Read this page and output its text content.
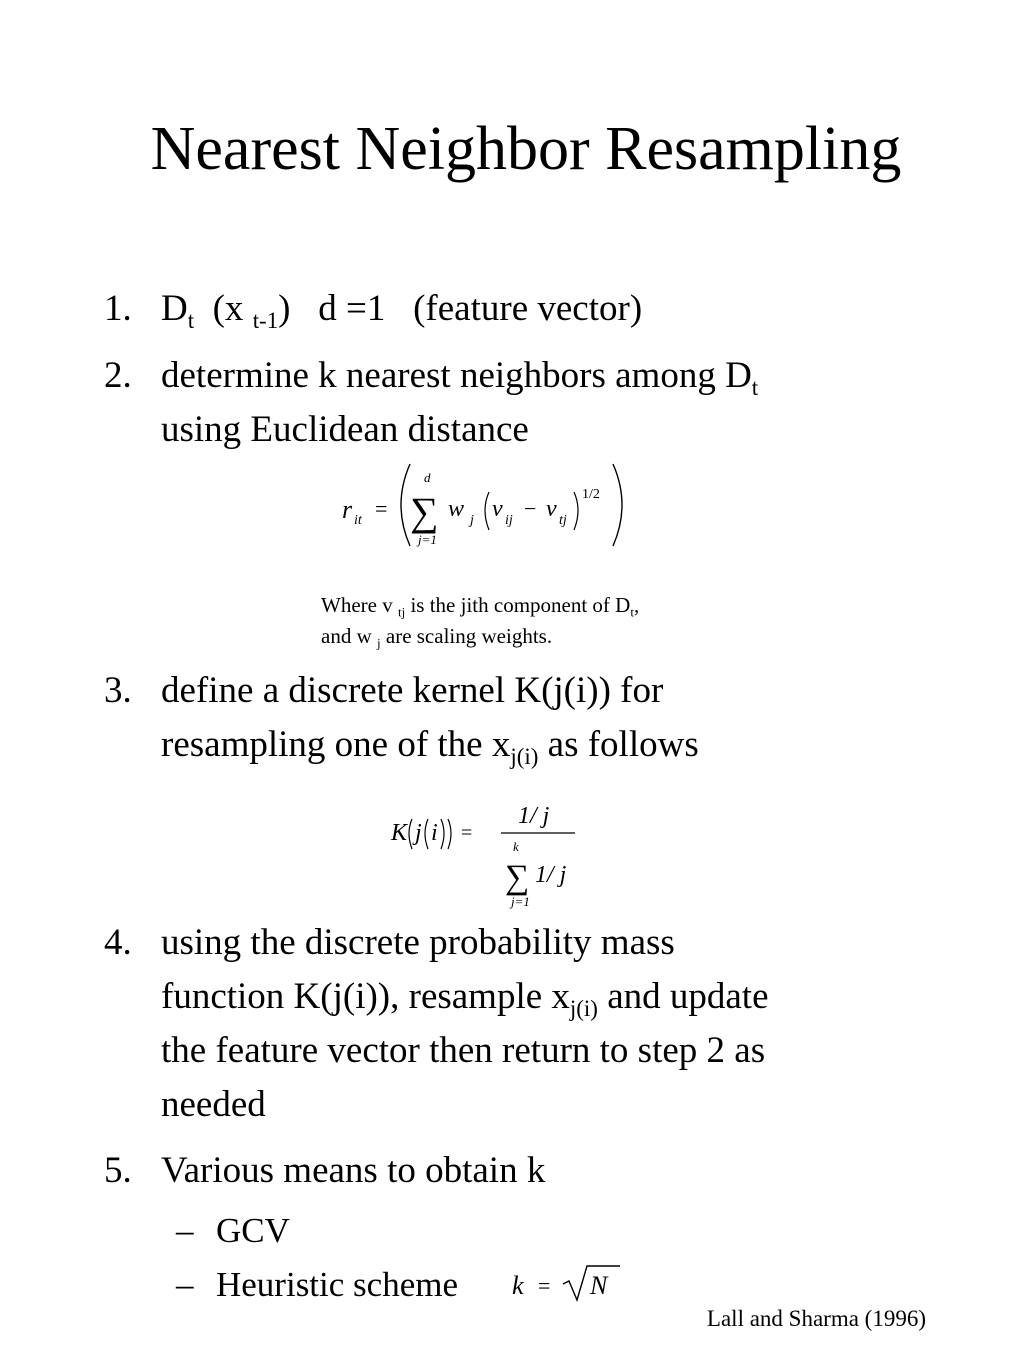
Nearest Neighbor Resampling
1. $D_t$ (x $_{t-1}$)   d =1   (feature vector)
2. determine k nearest neighbors among $D_t$
using Euclidean distance
r it =
d
∑
j=1
w j v ij − v tj
1/2
Where v $_{tj}$ is the jith component of $D_t$,
and w $_j$ are scaling weights.
3. define a discrete kernel K(j(i)) for
resampling one of the $x_{j(i)}$ as follows
K j i =
1/ j
k
∑
j=1
1/ j
4. using the discrete probability mass
function K(j(i)), resample $x_{j(i)}$ and update
the feature vector then return to step 2 as
needed
5. Various means to obtain k
– GCV
– Heuristic scheme k = N
Lall and Sharma (1996)
